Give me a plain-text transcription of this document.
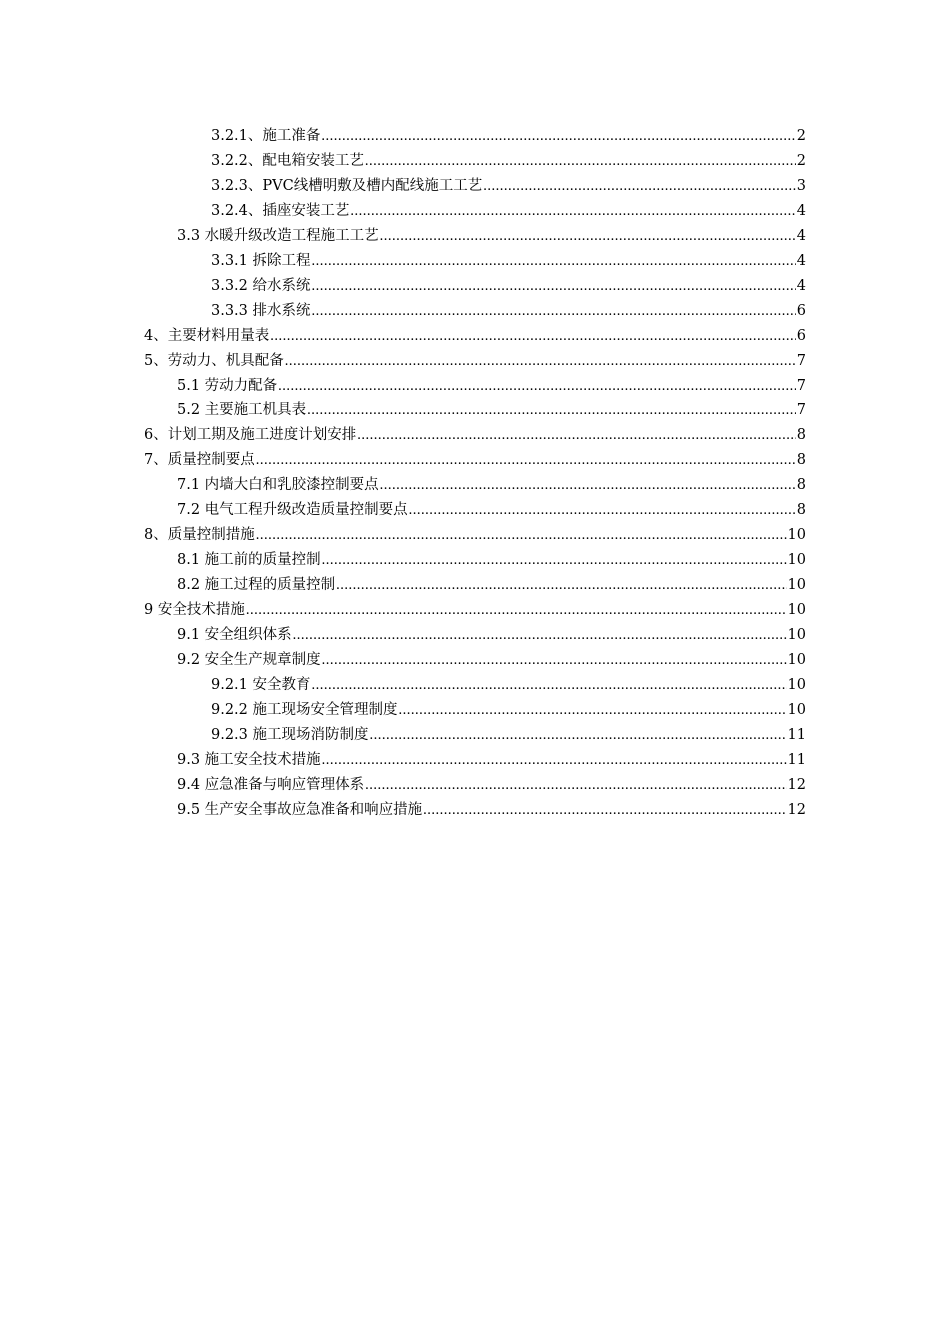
3.2.1、施工准备 .....	2
3.2.2、配电箱安装工艺 .....	2
3.2.3、PVC线槽明敷及槽内配线施工工艺 .....	3
3.2.4、插座安装工艺 .....	4
3.3 水暖升级改造工程施工工艺 .....	4
3.3.1 拆除工程 .....	4
3.3.2 给水系统 .....	4
3.3.3 排水系统 .....	6
4、主要材料用量表 .....	6
5、劳动力、机具配备 .....	7
5.1 劳动力配备 .....	7
5.2 主要施工机具表 .....	7
6、计划工期及施工进度计划安排 .....	8
7、质量控制要点 .....	8
7.1 内墙大白和乳胶漆控制要点 .....	8
7.2 电气工程升级改造质量控制要点 .....	8
8、质量控制措施 .....	10
8.1 施工前的质量控制 .....	10
8.2 施工过程的质量控制 .....	10
9 安全技术措施 .....	10
9.1 安全组织体系 .....	10
9.2 安全生产规章制度 .....	10
9.2.1 安全教育 .....	10
9.2.2 施工现场安全管理制度 .....	10
9.2.3 施工现场消防制度 .....	11
9.3 施工安全技术措施 .....	11
9.4 应急准备与响应管理体系 .....	12
9.5 生产安全事故应急准备和响应措施 .....	12
